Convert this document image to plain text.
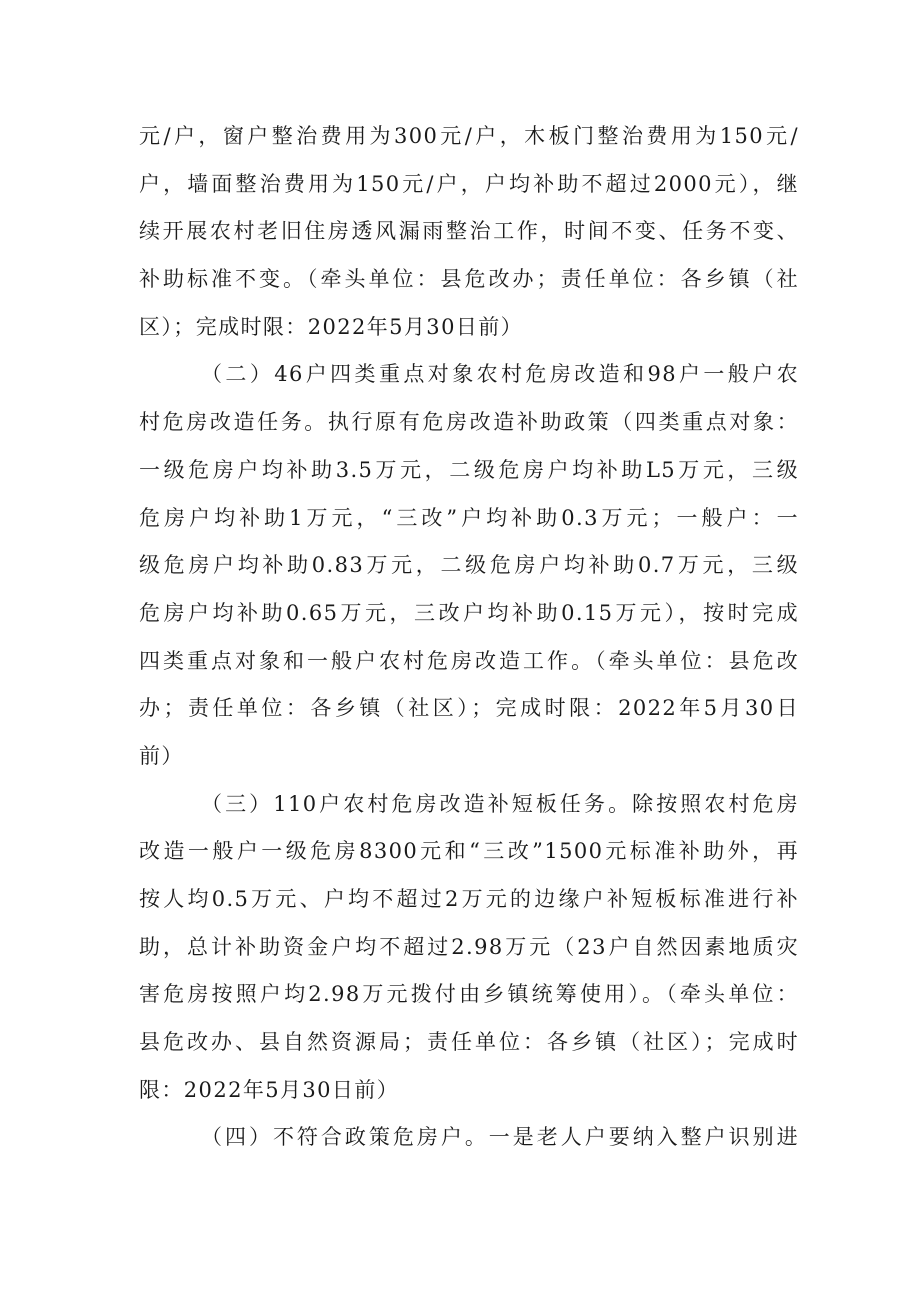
元/户，窗户整治费用为300元/户，木板门整治费用为150元/
户，墙面整治费用为150元/户，户均补助不超过2000元），继
续开展农村老旧住房透风漏雨整治工作，时间不变、任务不变、
补助标准不变。（牵头单位：县危改办；责任单位：各乡镇（社
区）；完成时限：2022年5月30日前）
（二）46户四类重点对象农村危房改造和98户一般户农
村危房改造任务。执行原有危房改造补助政策（四类重点对象：
一级危房户均补助3.5万元，二级危房户均补助L5万元，三级
危房户均补助1万元，“三改”户均补助0.3万元；一般户：一
级危房户均补助0.83万元，二级危房户均补助0.7万元，三级
危房户均补助0.65万元，三改户均补助0.15万元），按时完成
四类重点对象和一般户农村危房改造工作。（牵头单位：县危改
办；责任单位：各乡镇（社区）；完成时限：2022年5月30日
前）
（三）110户农村危房改造补短板任务。除按照农村危房
改造一般户一级危房8300元和“三改”1500元标准补助外，再
按人均0.5万元、户均不超过2万元的边缘户补短板标准进行补
助，总计补助资金户均不超过2.98万元（23户自然因素地质灾
害危房按照户均2.98万元拨付由乡镇统筹使用）。（牵头单位：
县危改办、县自然资源局；责任单位：各乡镇（社区）；完成时
限：2022年5月30日前）
（四）不符合政策危房户。一是老人户要纳入整户识别进
